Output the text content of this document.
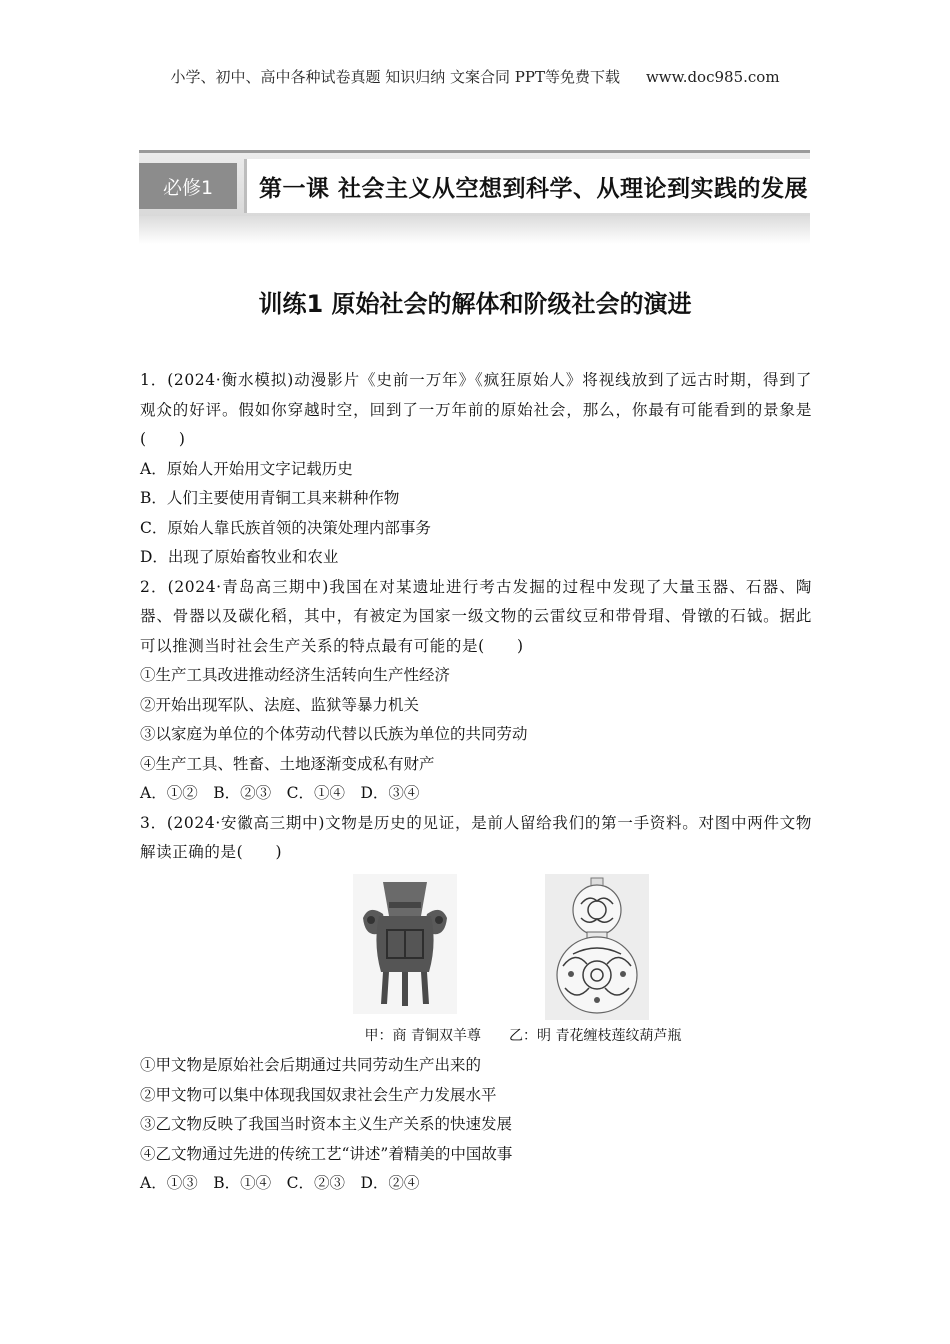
小学、初中、高中各种试卷真题 知识归纳 文案合同 PPT等免费下载 www.doc985.com
必修1	第一课 社会主义从空想到科学、从理论到实践的发展
训练1 原始社会的解体和阶级社会的演进

1．(2024·衡水模拟)动漫影片《史前一万年》《疯狂原始人》将视线放到了远古时期，得到了观众的好评。假如你穿越时空，回到了一万年前的原始社会，那么，你最有可能看到的景象是(　　)

A．原始人开始用文字记载历史

B．人们主要使用青铜工具来耕种作物

C．原始人靠氏族首领的决策处理内部事务

D．出现了原始畜牧业和农业

2．(2024·青岛高三期中)我国在对某遗址进行考古发掘的过程中发现了大量玉器、石器、陶器、骨器以及碳化稻，其中，有被定为国家一级文物的云雷纹豆和带骨瑁、骨镦的石钺。据此可以推测当时社会生产关系的特点最有可能的是(　　)

①生产工具改进推动经济生活转向生产性经济

②开始出现军队、法庭、监狱等暴力机关

③以家庭为单位的个体劳动代替以氏族为单位的共同劳动

④生产工具、牲畜、土地逐渐变成私有财产

A．①②　B．②③　C．①④　D．③④

3．(2024·安徽高三期中)文物是历史的见证，是前人留给我们的第一手资料。对图中两件文物解读正确的是(　　)

甲：商 青铜双羊尊 乙：明 青花缠枝莲纹葫芦瓶

①甲文物是原始社会后期通过共同劳动生产出来的

②甲文物可以集中体现我国奴隶社会生产力发展水平

③乙文物反映了我国当时资本主义生产关系的快速发展

④乙文物通过先进的传统工艺“讲述”着精美的中国故事

A．①③　B．①④　C．②③　D．②④
